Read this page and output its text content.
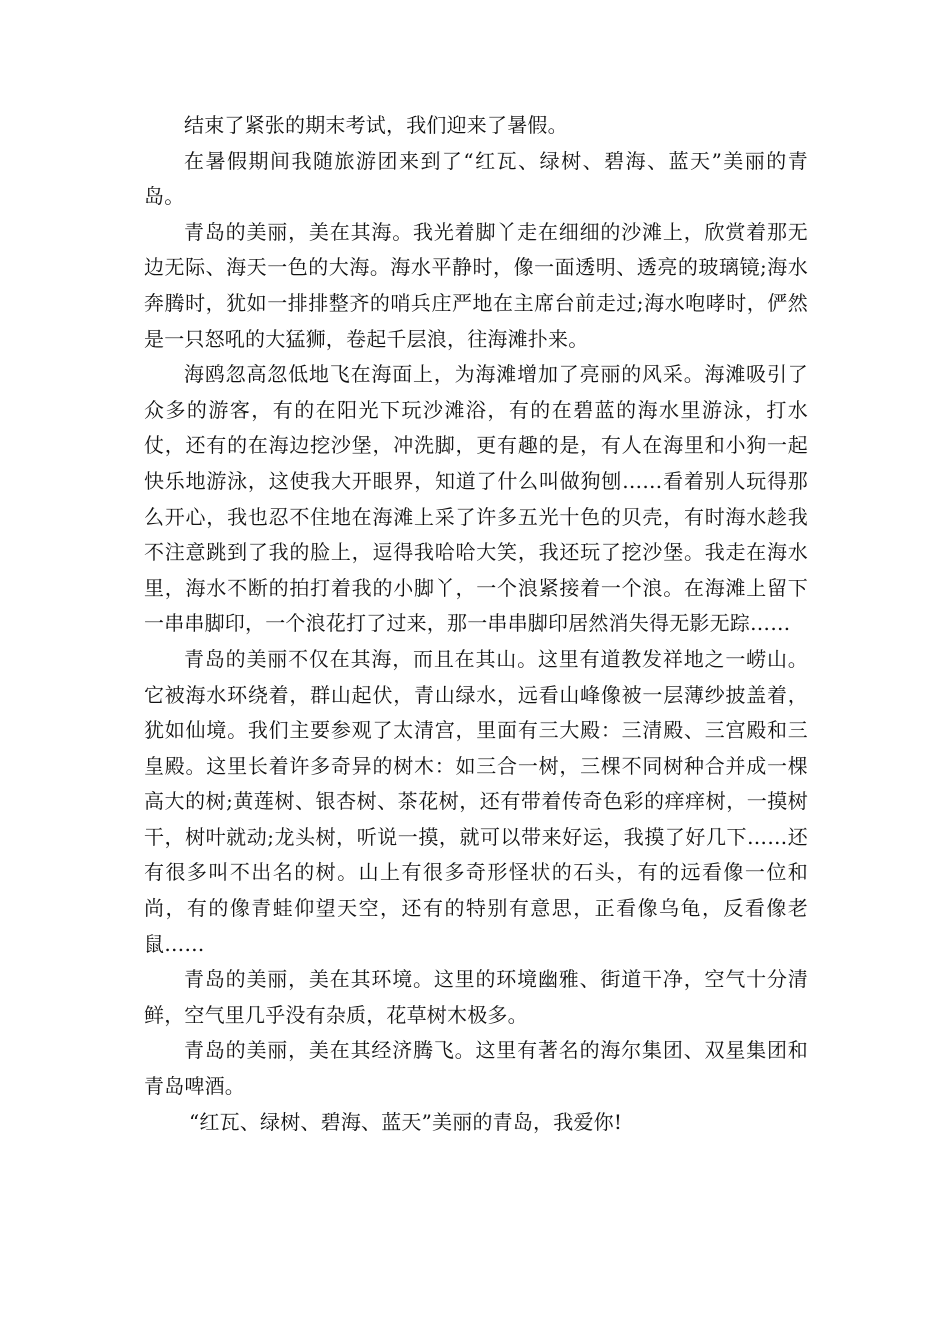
结束了紧张的期末考试，我们迎来了暑假。

在暑假期间我随旅游团来到了“红瓦、绿树、碧海、蓝天”美丽的青岛。

青岛的美丽，美在其海。我光着脚丫走在细细的沙滩上，欣赏着那无边无际、海天一色的大海。海水平静时，像一面透明、透亮的玻璃镜;海水奔腾时，犹如一排排整齐的哨兵庄严地在主席台前走过;海水咆哮时，俨然是一只怒吼的大猛狮，卷起千层浪，往海滩扑来。

海鸥忽高忽低地飞在海面上，为海滩增加了亮丽的风采。海滩吸引了众多的游客，有的在阳光下玩沙滩浴，有的在碧蓝的海水里游泳，打水仗，还有的在海边挖沙堡，冲洗脚，更有趣的是，有人在海里和小狗一起快乐地游泳，这使我大开眼界，知道了什么叫做狗刨……看着别人玩得那么开心，我也忍不住地在海滩上采了许多五光十色的贝壳，有时海水趁我不注意跳到了我的脸上，逗得我哈哈大笑，我还玩了挖沙堡。我走在海水里，海水不断的拍打着我的小脚丫，一个浪紧接着一个浪。在海滩上留下一串串脚印，一个浪花打了过来，那一串串脚印居然消失得无影无踪……

青岛的美丽不仅在其海，而且在其山。这里有道教发祥地之一崂山。它被海水环绕着，群山起伏，青山绿水，远看山峰像被一层薄纱披盖着，犹如仙境。我们主要参观了太清宫，里面有三大殿：三清殿、三宫殿和三皇殿。这里长着许多奇异的树木：如三合一树，三棵不同树种合并成一棵高大的树;黄莲树、银杏树、茶花树，还有带着传奇色彩的痒痒树，一摸树干，树叶就动;龙头树，听说一摸，就可以带来好运，我摸了好几下……还有很多叫不出名的树。山上有很多奇形怪状的石头，有的远看像一位和尚，有的像青蛙仰望天空，还有的特别有意思，正看像乌龟，反看像老鼠……

青岛的美丽，美在其环境。这里的环境幽雅、街道干净，空气十分清鲜，空气里几乎没有杂质，花草树木极多。

青岛的美丽，美在其经济腾飞。这里有著名的海尔集团、双星集团和青岛啤酒。

“红瓦、绿树、碧海、蓝天”美丽的青岛，我爱你!
